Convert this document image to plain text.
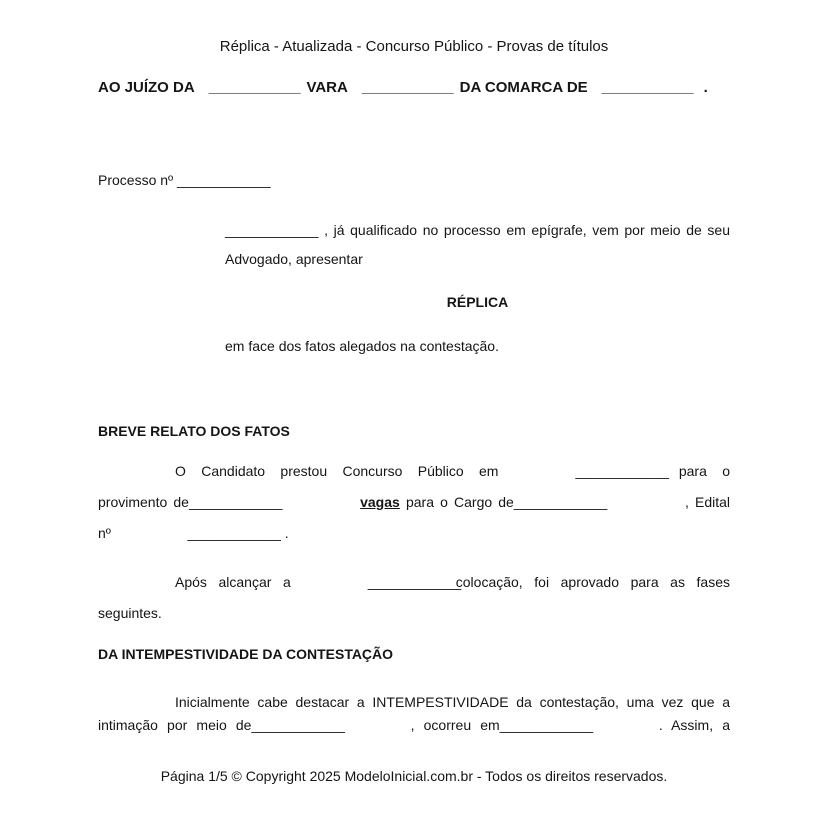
Réplica - Atualizada - Concurso Público - Provas de títulos
AO JUÍZO DA ___________ VARA ___________ DA COMARCA DE ___________ .
Processo nº ____________
____________ , já qualificado no processo em epígrafe, vem por meio de seu
Advogado, apresentar
RÉPLICA
em face dos fatos alegados na contestação.
BREVE RELATO DOS FATOS
O Candidato prestou Concurso Público em	____________ para o
provimento de____________	vagas para o Cargo de____________	, Edital
nº	____________ .
Após alcançar a	____________colocação, foi aprovado para as fases
seguintes.
DA INTEMPESTIVIDADE DA CONTESTAÇÃO
Inicialmente cabe destacar a INTEMPESTIVIDADE da contestação, uma vez que a
intimação por meio de____________	, ocorreu em____________	. Assim, a
Página 1/5 © Copyright 2025 ModeloInicial.com.br - Todos os direitos reservados.
